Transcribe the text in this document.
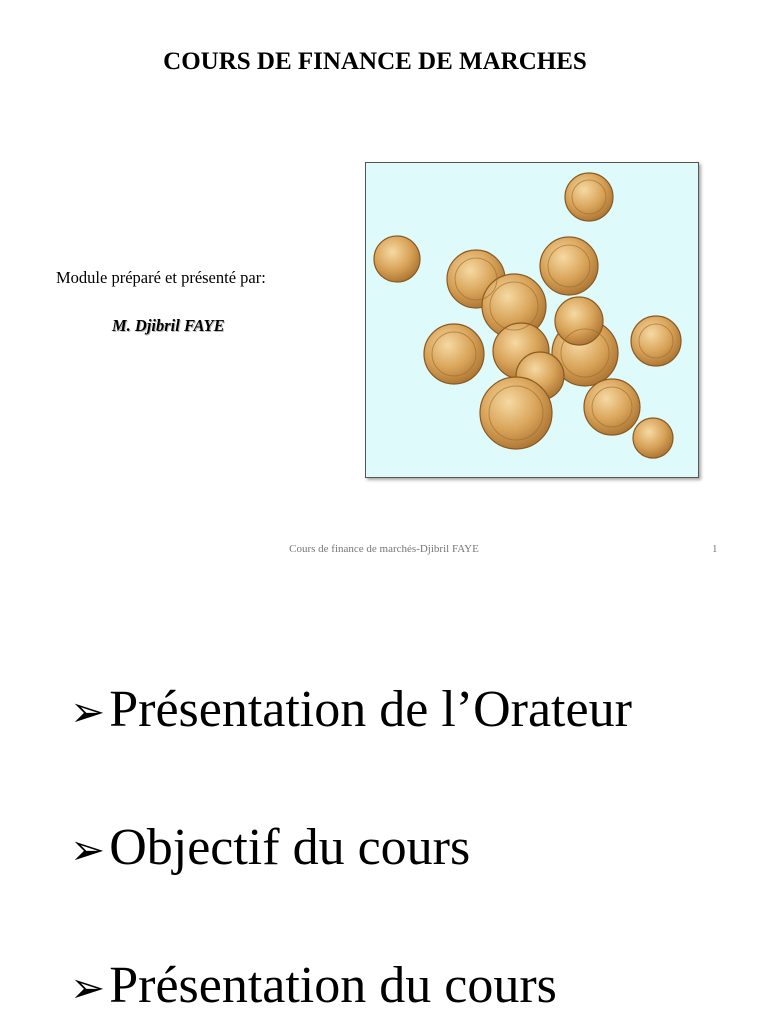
COURS DE FINANCE DE MARCHES
Module préparé et présenté par:
M. Djibril FAYE
Cours de finance de marchés-Djibril FAYE	1
➢ Présentation de l’Orateur
➢ Objectif du cours
➢ Présentation du cours
